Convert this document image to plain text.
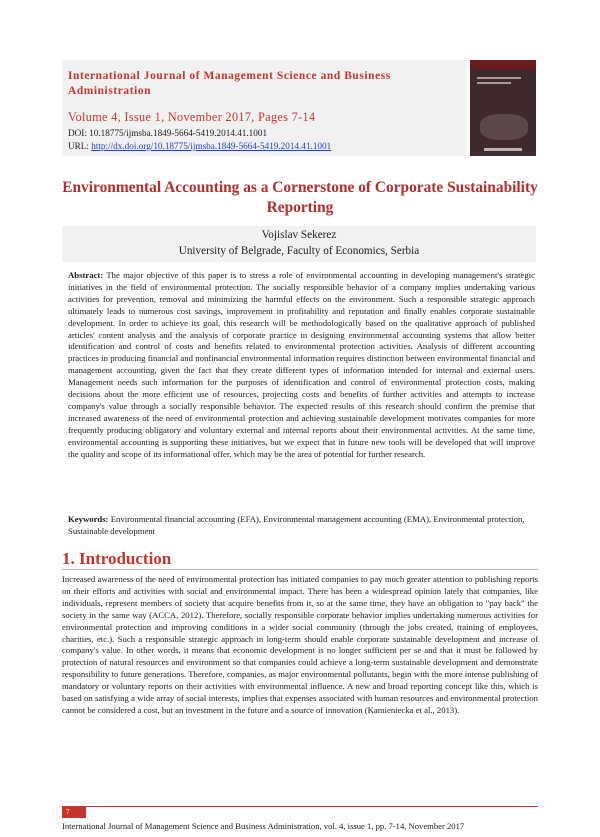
International Journal of Management Science and Business Administration
Volume 4, Issue 1, November 2017, Pages 7-14
DOI: 10.18775/ijmsba.1849-5664-5419.2014.41.1001
URL: http://dx.doi.org/10.18775/ijmsba.1849-5664-5419.2014.41.1001
Environmental Accounting as a Cornerstone of Corporate Sustainability Reporting
Vojislav Sekerez
University of Belgrade, Faculty of Economics, Serbia
Abstract: The major objective of this paper is to stress a role of environmental accounting in developing management's strategic initiatives in the field of environmental protection. The socially responsible behavior of a company implies undertaking various activities for prevention, removal and minimizing the harmful effects on the environment. Such a responsible strategic approach ultimately leads to numerous cost savings, improvement in profitability and reputation and finally enables corporate sustainable development. In order to achieve its goal, this research will be methodologically based on the qualitative approach of published articles' content analysis and the analysis of corporate practice in designing environmental accounting systems that allow better identification and control of costs and benefits related to environmental protection activities. Analysis of different accounting practices in producing financial and nonfinancial environmental information requires distinction between environmental financial and management accounting, given the fact that they create different types of information intended for internal and external users. Management needs such information for the purposes of identification and control of environmental protection costs, making decisions about the more efficient use of resources, projecting costs and benefits of further activities and attempts to increase company's value through a socially responsible behavior. The expected results of this research should confirm the premise that increased awareness of the need of environmental protection and achieving sustainable development motivates companies for more frequently producing obligatory and voluntary external and internal reports about their environmental activities. At the same time, environmental accounting is supporting these initiatives, but we expect that in future new tools will be developed that will improve the quality and scope of its informational offer, which may be the area of potential for further research.
Keywords: Environmental financial accounting (EFA), Environmental management accounting (EMA), Environmental protection, Sustainable development
1. Introduction
Increased awareness of the need of environmental protection has initiated companies to pay much greater attention to publishing reports on their efforts and activities with social and environmental impact. There has been a widespread opinion lately that companies, like individuals, represent members of society that acquire benefits from it, so at the same time, they have an obligation to "pay back" the society in the same way (ACCA, 2012). Therefore, socially responsible corporate behavior implies undertaking numerous activities for environmental protection and improving conditions in a wider social community (through the jobs created, training of employees, charities, etc.). Such a responsible strategic approach in long-term should enable corporate sustainable development and increase of company's value. In other words, it means that economic development is no longer sufficient per se and that it must be followed by protection of natural resources and environment so that companies could achieve a long-term sustainable development and demonstrate responsibility to future generations. Therefore, companies, as major environmental pollutants, begin with the more intense publishing of mandatory or voluntary reports on their activities with environmental influence. A new and broad reporting concept like this, which is based on satisfying a wide array of social interests, implies that expenses associated with human resources and environmental protection cannot be considered a cost, but an investment in the future and a source of innovation (Kamieniecka et al., 2013).
7
International Journal of Management Science and Business Administration, vol. 4, issue 1, pp. 7-14, November 2017
